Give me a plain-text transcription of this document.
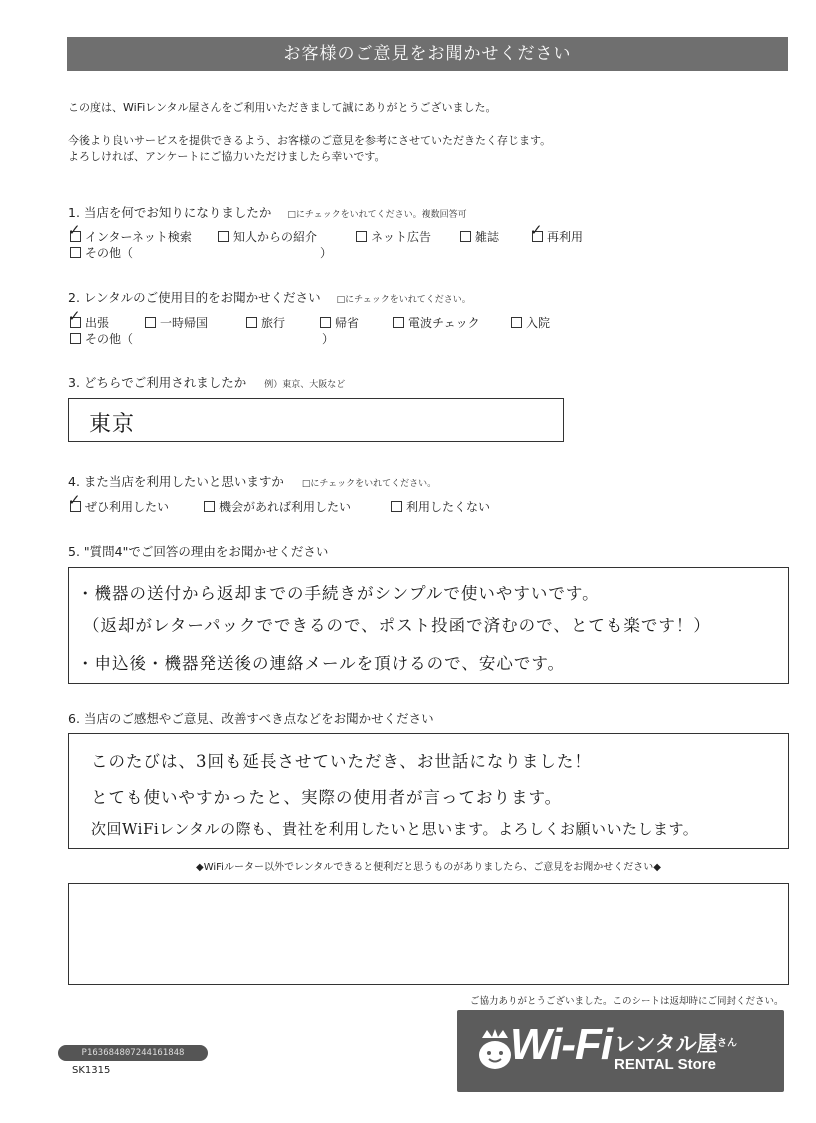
お客様のご意見をお聞かせください
この度は、WiFiレンタル屋さんをご利用いただきまして誠にありがとうございました。
今後より良いサービスを提供できるよう、お客様のご意見を参考にさせていただきたく存じます。
よろしければ、アンケートにご協力いただけましたら幸いです。
1. 当店を何でお知りになりましたか □にチェックをいれてください。複数回答可
✓ インターネット検索	知人からの紹介	ネット広告	雑誌 ✓ 再利用
その他（	）
2. レンタルのご使用目的をお聞かせください □にチェックをいれてください。
✓ 出張	一時帰国	旅行	帰省	電波チェック	入院
その他（	）
3. どちらでご利用されましたか 例）東京、大阪など
東京
4. また当店を利用したいと思いますか □にチェックをいれてください。
✓ ぜひ利用したい	機会があれば利用したい	利用したくない
5. "質問4"でご回答の理由をお聞かせください
・機器の送付から返却までの手続きがシンプルで使いやすいです。
（返却がレターパックでできるので、ポスト投函で済むので、とても楽です！）
・申込後・機器発送後の連絡メールを頂けるので、安心です。
6. 当店のご感想やご意見、改善すべき点などをお聞かせください
このたびは、3回も延長させていただき、お世話になりました！
とても使いやすかったと、実際の使用者が言っております。
次回WiFiレンタルの際も、貴社を利用したいと思います。よろしくお願いいたします。
◆WiFiルーター以外でレンタルできると便利だと思うものがありましたら、ご意見をお聞かせください◆
ご協力ありがとうございました。このシートは返却時にご同封ください。
P163684807244161848
SK1315
Wi-Fi レンタル屋 さん
RENTAL Store
